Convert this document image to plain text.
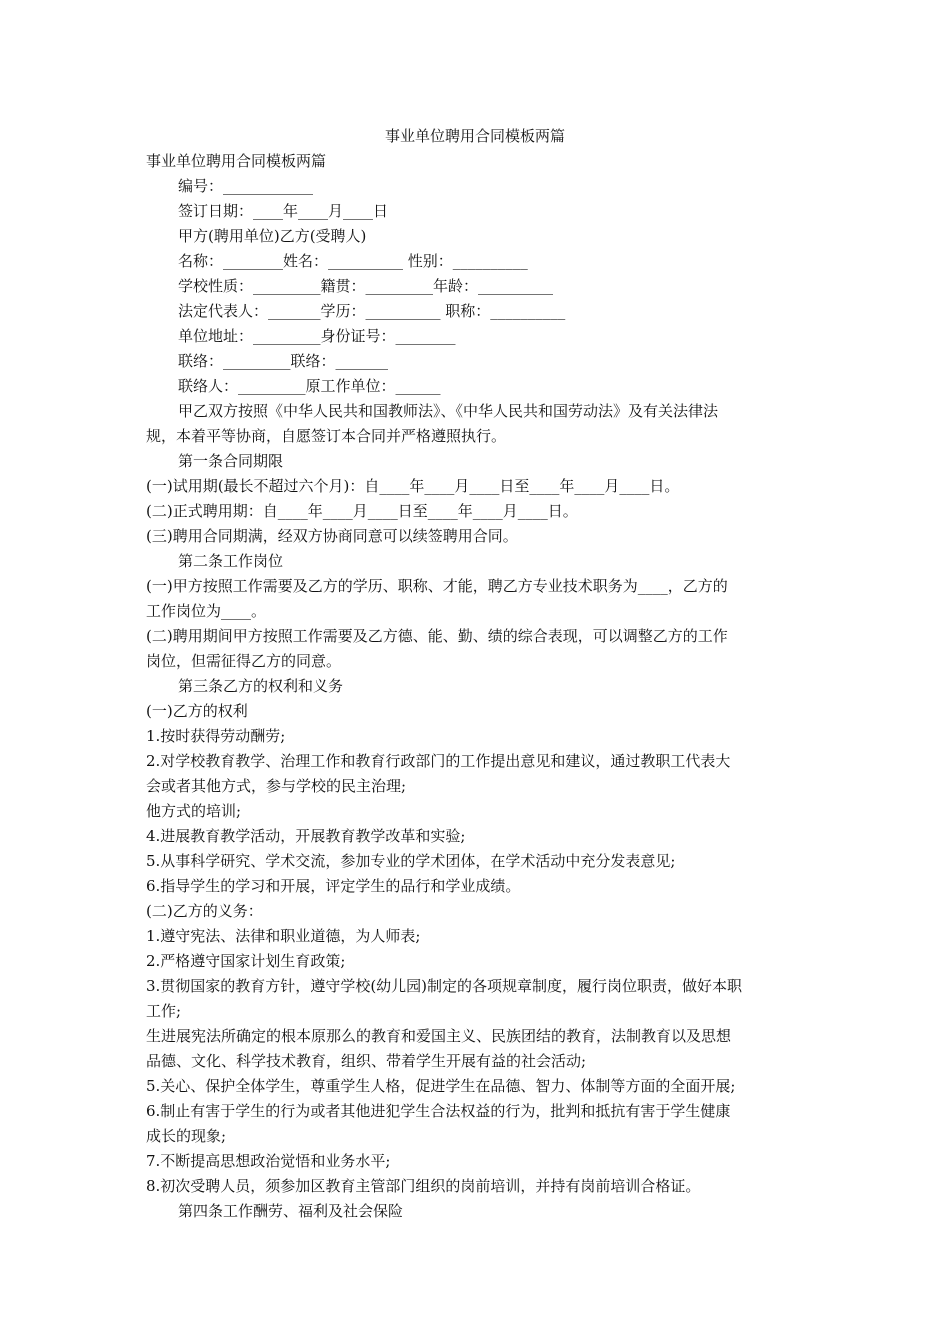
事业单位聘用合同模板两篇
事业单位聘用合同模板两篇
编号：____________
签订日期：____年____月____日
甲方(聘用单位)乙方(受聘人)
名称：________姓名：__________ 性别：__________
学校性质：_________籍贯：_________年龄：__________
法定代表人：_______学历：__________ 职称：__________
单位地址：_________身份证号：________
联络：_________联络：_______
联络人：_________原工作单位：______
甲乙双方按照《中华人民共和国教师法》、《中华人民共和国劳动法》及有关法律法
规，本着平等协商，自愿签订本合同并严格遵照执行。
第一条合同期限
(一)试用期(最长不超过六个月)：自____年____月____日至____年____月____日。
(二)正式聘用期：自____年____月____日至____年____月____日。
(三)聘用合同期满，经双方协商同意可以续签聘用合同。
第二条工作岗位
(一)甲方按照工作需要及乙方的学历、职称、才能，聘乙方专业技术职务为____，乙方的
工作岗位为____。
(二)聘用期间甲方按照工作需要及乙方德、能、勤、绩的综合表现，可以调整乙方的工作
岗位，但需征得乙方的同意。
第三条乙方的权利和义务
(一)乙方的权利
1.按时获得劳动酬劳;
2.对学校教育教学、治理工作和教育行政部门的工作提出意见和建议，通过教职工代表大
会或者其他方式，参与学校的民主治理;
他方式的培训;
4.进展教育教学活动，开展教育教学改革和实验;
5.从事科学研究、学术交流，参加专业的学术团体，在学术活动中充分发表意见;
6.指导学生的学习和开展，评定学生的品行和学业成绩。
(二)乙方的义务：
1.遵守宪法、法律和职业道德，为人师表;
2.严格遵守国家计划生育政策;
3.贯彻国家的教育方针，遵守学校(幼儿园)制定的各项规章制度，履行岗位职责，做好本职
工作;
生进展宪法所确定的根本原那么的教育和爱国主义、民族团结的教育，法制教育以及思想
品德、文化、科学技术教育，组织、带着学生开展有益的社会活动;
5.关心、保护全体学生，尊重学生人格，促进学生在品德、智力、体制等方面的全面开展;
6.制止有害于学生的行为或者其他进犯学生合法权益的行为，批判和抵抗有害于学生健康
成长的现象;
7.不断提高思想政治觉悟和业务水平;
8.初次受聘人员，须参加区教育主管部门组织的岗前培训，并持有岗前培训合格证。
第四条工作酬劳、福利及社会保险
